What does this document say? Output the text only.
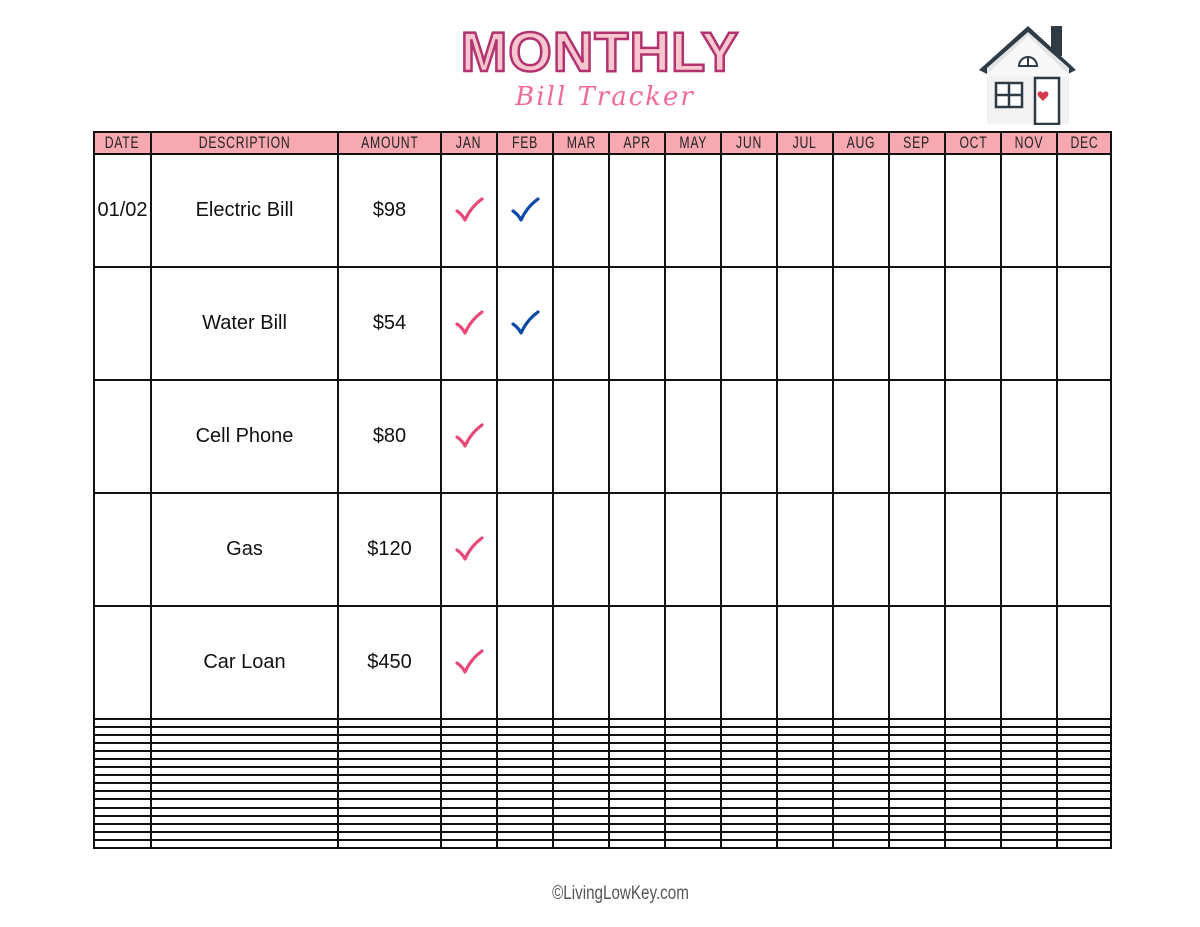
MONTHLY
Bill Tracker
DATE	DESCRIPTION	AMOUNT	JAN	FEB	MAR	APR	MAY	JUN	JUL	AUG	SEP	OCT	NOV	DEC
01/02	Electric Bill	$98	

	Water Bill	$54	

	Cell Phone	$80	

	Gas	$120	

	Car Loan	$450	

©LivingLowKey.com
